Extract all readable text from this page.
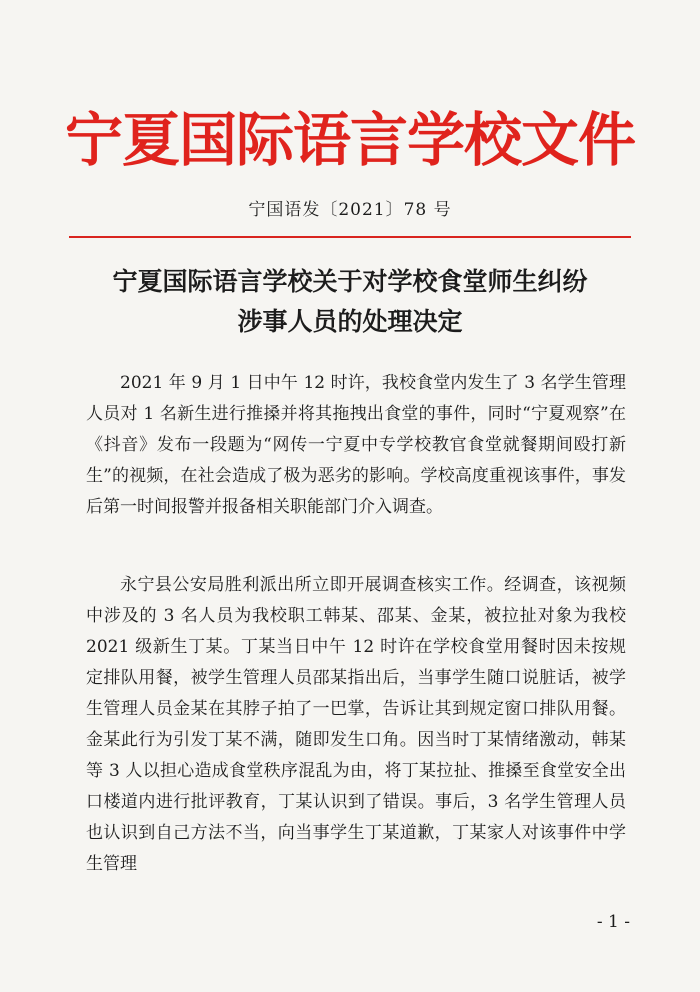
宁夏国际语言学校文件
宁国语发〔2021〕78 号
宁夏国际语言学校关于对学校食堂师生纠纷
涉事人员的处理决定

2021 年 9 月 1 日中午 12 时许，我校食堂内发生了 3 名学生管理人员对 1 名新生进行推搡并将其拖拽出食堂的事件，同时“宁夏观察”在《抖音》发布一段题为“网传一宁夏中专学校教官食堂就餐期间殴打新生”的视频，在社会造成了极为恶劣的影响。学校高度重视该事件，事发后第一时间报警并报备相关职能部门介入调查。

永宁县公安局胜利派出所立即开展调查核实工作。经调查，该视频中涉及的 3 名人员为我校职工韩某、邵某、金某，被拉扯对象为我校 2021 级新生丁某。丁某当日中午 12 时许在学校食堂用餐时因未按规定排队用餐，被学生管理人员邵某指出后，当事学生随口说脏话，被学生管理人员金某在其脖子拍了一巴掌，告诉让其到规定窗口排队用餐。金某此行为引发丁某不满，随即发生口角。因当时丁某情绪激动，韩某等 3 人以担心造成食堂秩序混乱为由，将丁某拉扯、推搡至食堂安全出口楼道内进行批评教育，丁某认识到了错误。事后，3 名学生管理人员也认识到自己方法不当，向当事学生丁某道歉，丁某家人对该事件中学生管理

- 1 -
